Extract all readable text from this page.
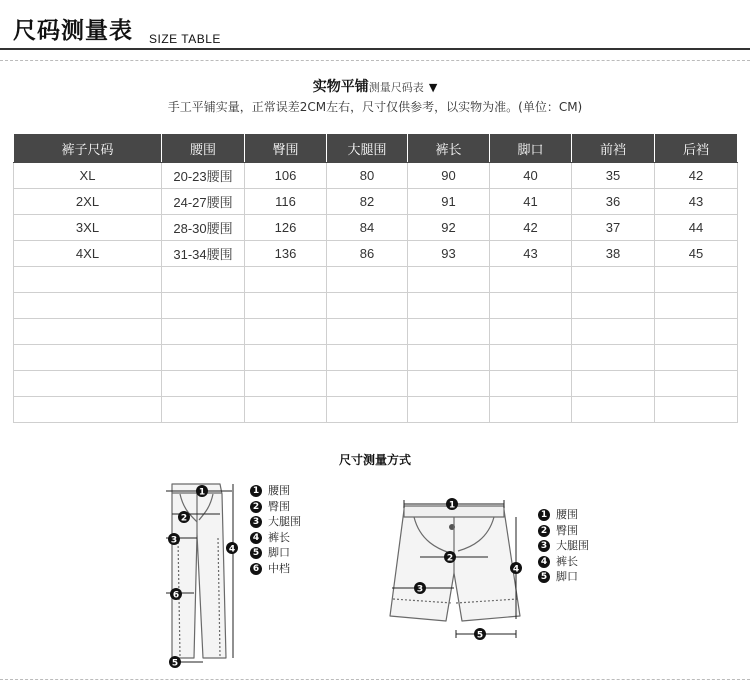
尺码测量表 SIZE TABLE
实物平铺测量尺码表 ▼
手工平铺实量，正常误差2CM左右，尺寸仅供参考，以实物为准。(单位：CM)
裤子尺码	腰围	臀围	大腿围	裤长	脚口	前裆	后裆
XL	20-23腰围	106	80	90	40	35	42
2XL	24-27腰围	116	82	91	41	36	43
3XL	28-30腰围	126	84	92	42	37	44
4XL	31-34腰围	136	86	93	43	38	45

尺寸测量方式
1
2
3
4
6
5
1 腰围
2 臀围
3 大腿围
4 裤长
5 脚口
6 中档
1
2
3
4
5
1 腰围
2 臀围
3 大腿围
4 裤长
5 脚口
